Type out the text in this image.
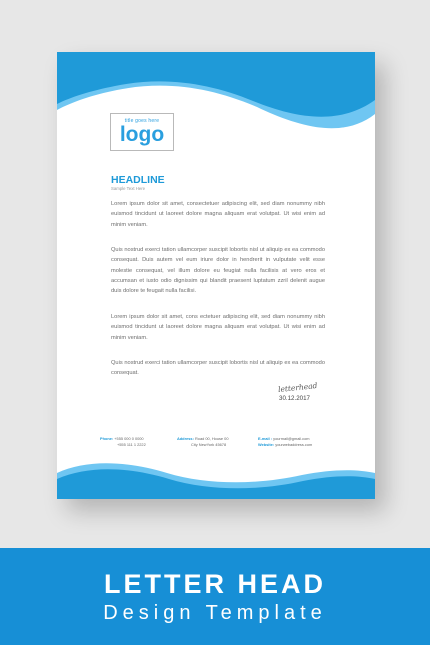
title goes here
logo
HEADLINE
Sample Text Here

Lorem ipsum dolor sit amet, consectetuer adipiscing elit, sed diam nonummy nibh euismod tincidunt ut laoreet dolore magna aliquam erat volutpat. Ut wisi enim ad minim veniam.

Quis nostrud exerci tation ullamcorper suscipit lobortis nisl ut aliquip ex ea commodo consequat. Duis autem vel eum iriure dolor in hendrerit in vulputate velit esse molestie consequat, vel illum dolore eu feugiat nulla facilisis at vero eros et accumsan et iusto odio dignissim qui blandit praesent luptatum zzril delenit augue duis dolore te feugait nulla facilisi.

Lorem ipsum dolor sit amet, cons ectetuer adipiscing elit, sed diam nonummy nibh euismod tincidunt ut laoreet dolore magna aliquam erat volutpat. Ut wisi enim ad minim veniam.

Quis nostrud exerci tation ullamcorper suscipit lobortis nisl ut aliquip ex ea commodo consequat.

letterhead
30.12.2017
Phone: +555 000 0 0000
+555 111 1 2222
Address: Road 00, House 00
City NewYork 45678
E-mail : yourmail@gmail.com
Website: yourwebaddress.com
LETTER HEAD
Design Template
